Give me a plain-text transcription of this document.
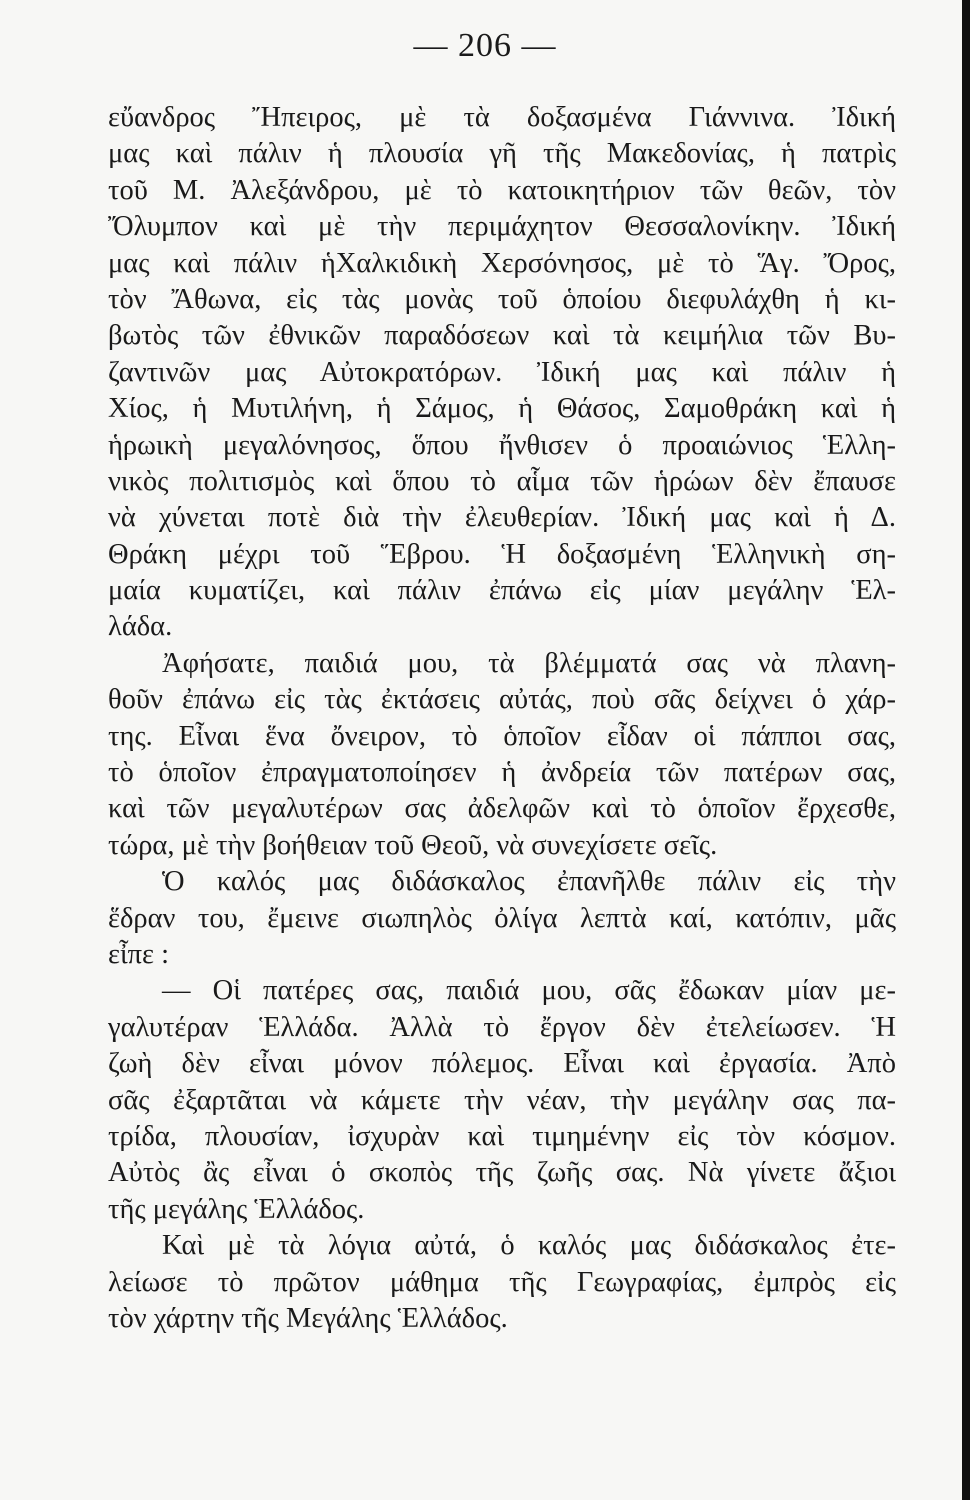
— 206 —
εὔανδρος Ἤπειρος, μὲ τὰ δοξασμένα Γιάννινα. Ἰδική
μας καὶ πάλιν ἡ πλουσία γῆ τῆς Μακεδονίας, ἡ πατρὶς
τοῦ Μ. Ἀλεξάνδρου, μὲ τὸ κατοικητήριον τῶν θεῶν, τὸν
Ὄλυμπον καὶ μὲ τὴν περιμάχητον Θεσσαλονίκην. Ἰδική
μας καὶ πάλιν ἡΧαλκιδικὴ Χερσόνησος, μὲ τὸ Ἅγ. Ὄρος,
τὸν Ἄθωνα, εἰς τὰς μονὰς τοῦ ὁποίου διεφυλάχθη ἡ κι-
βωτὸς τῶν ἐθνικῶν παραδόσεων καὶ τὰ κειμήλια τῶν Βυ-
ζαντινῶν μας Αὐτοκρατόρων. Ἰδική μας καὶ πάλιν ἡ
Χίος, ἡ Μυτιλήνη, ἡ Σάμος, ἡ Θάσος, Σαμοθράκη καὶ ἡ
ἡρωικὴ μεγαλόνησος, ὅπου ἤνθισεν ὁ προαιώνιος Ἑλλη-
νικὸς πολιτισμὸς καὶ ὅπου τὸ αἷμα τῶν ἡρώων δὲν ἔπαυσε
νὰ χύνεται ποτὲ διὰ τὴν ἐλευθερίαν. Ἰδική μας καὶ ἡ Δ.
Θράκη μέχρι τοῦ Ἕβρου. Ἡ δοξασμένη Ἑλληνικὴ ση-
μαία κυματίζει, καὶ πάλιν ἐπάνω εἰς μίαν μεγάλην Ἑλ-
λάδα.
Ἀφήσατε, παιδιά μου, τὰ βλέμματά σας νὰ πλανη-
θοῦν ἐπάνω εἰς τὰς ἐκτάσεις αὐτάς, ποὺ σᾶς δείχνει ὁ χάρ-
της. Εἶναι ἕνα ὄνειρον, τὸ ὁποῖον εἶδαν οἱ πάπποι σας,
τὸ ὁποῖον ἐπραγματοποίησεν ἡ ἀνδρεία τῶν πατέρων σας,
καὶ τῶν μεγαλυτέρων σας ἀδελφῶν καὶ τὸ ὁποῖον ἔρχεσθε,
τώρα, μὲ τὴν βοήθειαν τοῦ Θεοῦ, νὰ συνεχίσετε σεῖς.
Ὁ καλός μας διδάσκαλος ἐπανῆλθε πάλιν εἰς τὴν
ἕδραν του, ἔμεινε σιωπηλὸς ὀλίγα λεπτὰ καί, κατόπιν, μᾶς
εἶπε :
— Οἱ πατέρες σας, παιδιά μου, σᾶς ἔδωκαν μίαν με-
γαλυτέραν Ἑλλάδα. Ἀλλὰ τὸ ἔργον δὲν ἐτελείωσεν. Ἡ
ζωὴ δὲν εἶναι μόνον πόλεμος. Εἶναι καὶ ἐργασία. Ἀπὸ
σᾶς ἐξαρτᾶται νὰ κάμετε τὴν νέαν, τὴν μεγάλην σας πα-
τρίδα, πλουσίαν, ἰσχυρὰν καὶ τιμημένην εἰς τὸν κόσμον.
Αὐτὸς ἂς εἶναι ὁ σκοπὸς τῆς ζωῆς σας. Νὰ γίνετε ἄξιοι
τῆς μεγάλης Ἑλλάδος.
Καὶ μὲ τὰ λόγια αὐτά, ὁ καλός μας διδάσκαλος ἐτε-
λείωσε τὸ πρῶτον μάθημα τῆς Γεωγραφίας, ἐμπρὸς εἰς
τὸν χάρτην τῆς Μεγάλης Ἑλλάδος.
